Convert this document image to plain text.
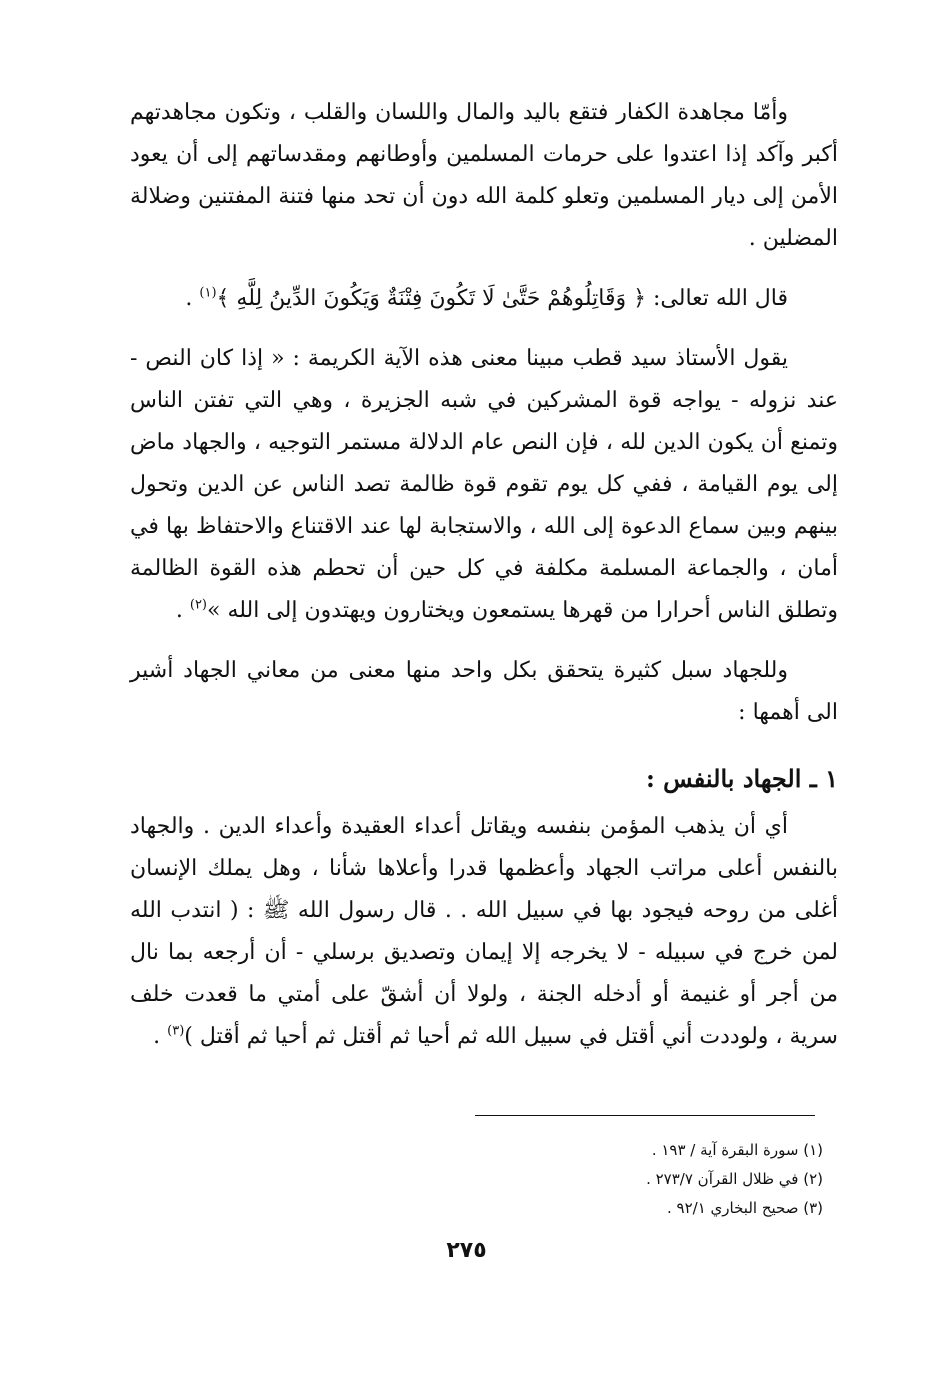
وأمّا مجاهدة الكفار فتقع باليد والمال واللسان والقلب ، وتكون مجاهدتهم أكبر وآكد إذا اعتدوا على حرمات المسلمين وأوطانهم ومقدساتهم إلى أن يعود الأمن إلى ديار المسلمين وتعلو كلمة الله دون أن تحد منها فتنة المفتنين وضلالة المضلين .

قال الله تعالى: ﴿ وَقَاتِلُوهُمْ حَتَّىٰ لَا تَكُونَ فِتْنَةٌ وَيَكُونَ الدِّينُ لِلَّهِ ﴾$^{(١)}$ .

يقول الأستاذ سيد قطب مبينا معنى هذه الآية الكريمة : « إذا كان النص - عند نزوله - يواجه قوة المشركين في شبه الجزيرة ، وهي التي تفتن الناس وتمنع أن يكون الدين لله ، فإن النص عام الدلالة مستمر التوجيه ، والجهاد ماض إلى يوم القيامة ، ففي كل يوم تقوم قوة ظالمة تصد الناس عن الدين وتحول بينهم وبين سماع الدعوة إلى الله ، والاستجابة لها عند الاقتناع والاحتفاظ بها في أمان ، والجماعة المسلمة مكلفة في كل حين أن تحطم هذه القوة الظالمة وتطلق الناس أحرارا من قهرها يستمعون ويختارون ويهتدون إلى الله »$^{(٢)}$ .

وللجهاد سبل كثيرة يتحقق بكل واحد منها معنى من معاني الجهاد أشير الى أهمها :

١ ـ الجهاد بالنفس :

أي أن يذهب المؤمن بنفسه ويقاتل أعداء العقيدة وأعداء الدين . والجهاد بالنفس أعلى مراتب الجهاد وأعظمها قدرا وأعلاها شأنا ، وهل يملك الإنسان أغلى من روحه فيجود بها في سبيل الله . . قال رسول الله ﷺ : ( انتدب الله لمن خرج في سبيله - لا يخرجه إلا إيمان وتصديق برسلي - أن أرجعه بما نال من أجر أو غنيمة أو أدخله الجنة ، ولولا أن أشقّ على أمتي ما قعدت خلف سرية ، ولوددت أني أقتل في سبيل الله ثم أحيا ثم أقتل ثم أحيا ثم أقتل )$^{(٣)}$ .

(١) سورة البقرة آية / ١٩٣ .

(٢) في ظلال القرآن ٢٧٣/٧ .

(٣) صحيح البخاري ٩٢/١ .

٢٧٥
